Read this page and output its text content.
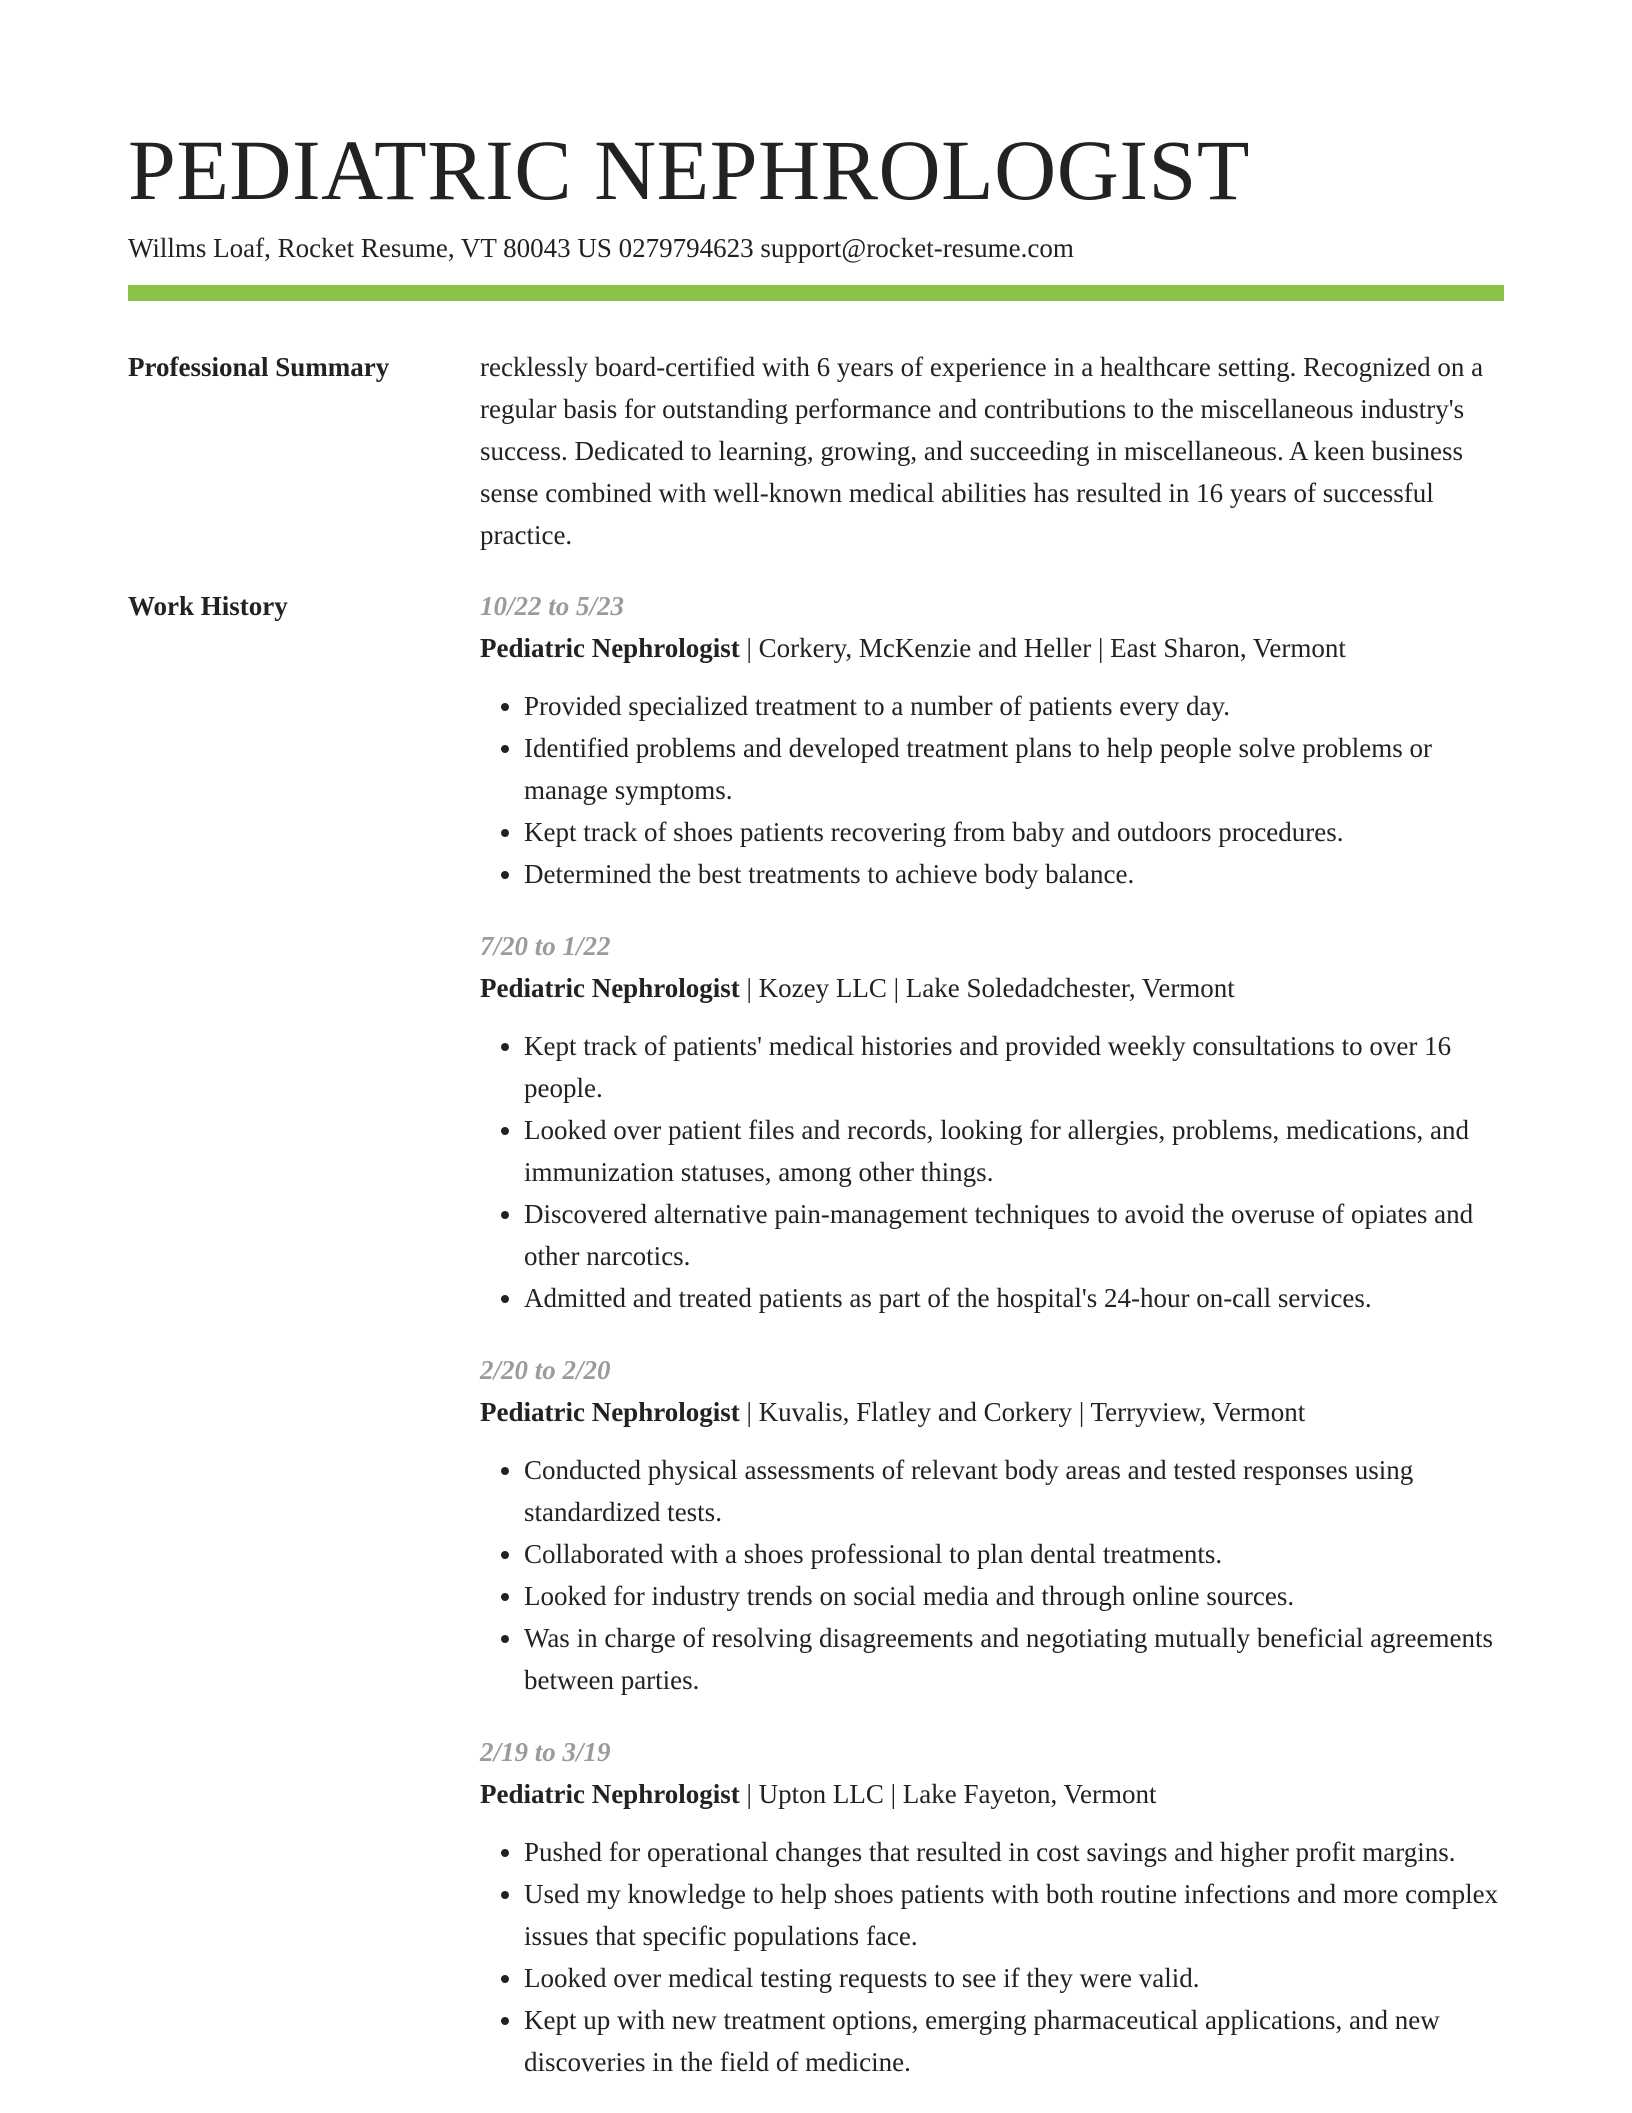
PEDIATRIC NEPHROLOGIST
Willms Loaf, Rocket Resume, VT 80043 US 0279794623 support@rocket-resume.com
Professional Summary	recklessly board-certified with 6 years of experience in a healthcare setting. Recognized on a regular basis for outstanding performance and contributions to the miscellaneous industry's success. Dedicated to learning, growing, and succeeding in miscellaneous. A keen business sense combined with well-known medical abilities has resulted in 16 years of successful practice.

Work History	10/22 to 5/23
Pediatric Nephrologist | Corkery, McKenzie and Heller | East Sharon, Vermont
• Provided specialized treatment to a number of patients every day.
• Identified problems and developed treatment plans to help people solve problems or manage symptoms.
• Kept track of shoes patients recovering from baby and outdoors procedures.
• Determined the best treatments to achieve body balance.
7/20 to 1/22
Pediatric Nephrologist | Kozey LLC | Lake Soledadchester, Vermont
• Kept track of patients' medical histories and provided weekly consultations to over 16 people.
• Looked over patient files and records, looking for allergies, problems, medications, and immunization statuses, among other things.
• Discovered alternative pain-management techniques to avoid the overuse of opiates and other narcotics.
• Admitted and treated patients as part of the hospital's 24-hour on-call services.
2/20 to 2/20
Pediatric Nephrologist | Kuvalis, Flatley and Corkery | Terryview, Vermont
• Conducted physical assessments of relevant body areas and tested responses using standardized tests.
• Collaborated with a shoes professional to plan dental treatments.
• Looked for industry trends on social media and through online sources.
• Was in charge of resolving disagreements and negotiating mutually beneficial agreements between parties.
2/19 to 3/19
Pediatric Nephrologist | Upton LLC | Lake Fayeton, Vermont
• Pushed for operational changes that resulted in cost savings and higher profit margins.
• Used my knowledge to help shoes patients with both routine infections and more complex issues that specific populations face.
• Looked over medical testing requests to see if they were valid.
• Kept up with new treatment options, emerging pharmaceutical applications, and new discoveries in the field of medicine.
